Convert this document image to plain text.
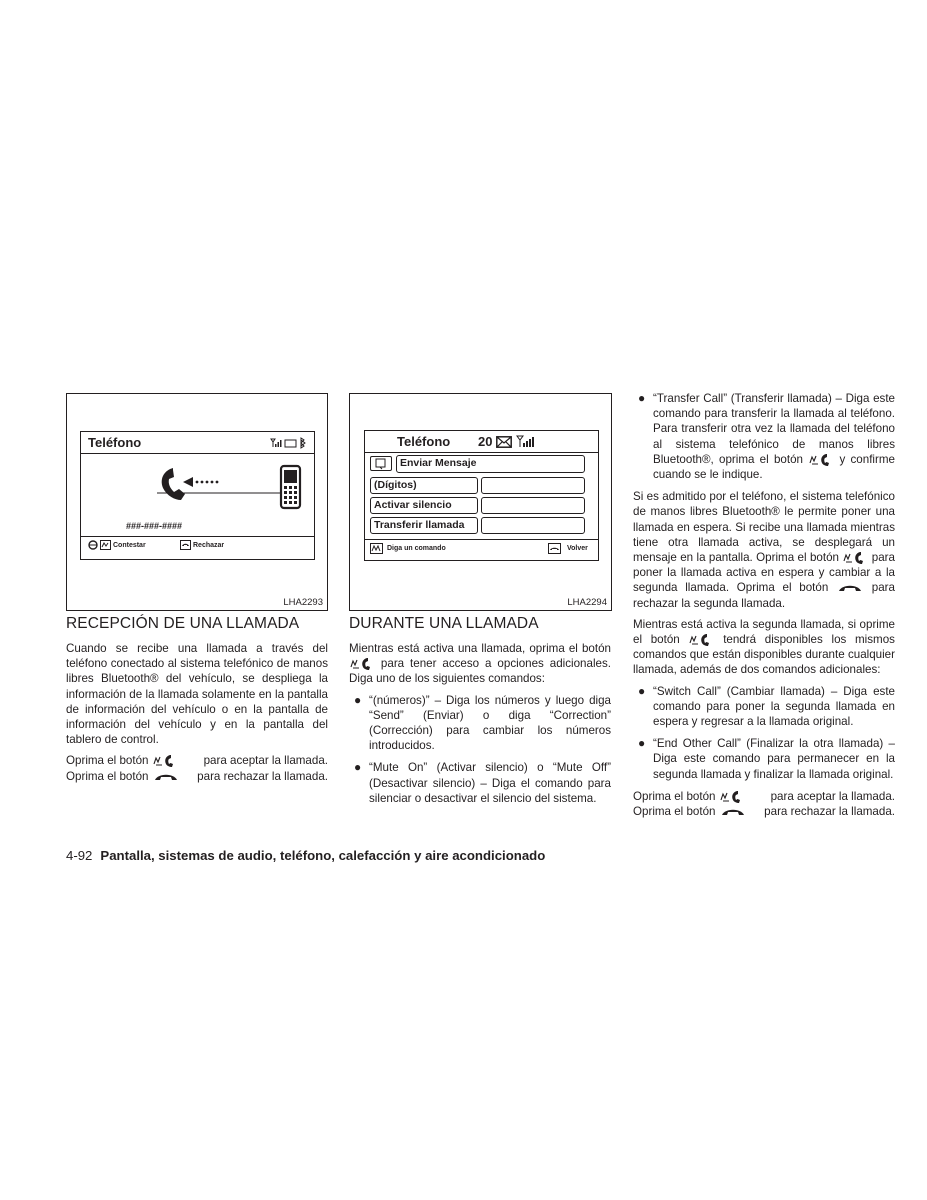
Teléfono
###-###-####
Contestar	Rechazar
LHA2293
Teléfono 20
Enviar Mensaje
(Dígitos)
Activar silencio
Transferir llamada
Diga un comando	Volver
LHA2294
RECEPCIÓN DE UNA LLAMADA

Cuando se recibe una llamada a través del teléfono conectado al sistema telefónico de manos libres Bluetooth® del vehículo, se despliega la información de la llamada solamente en la pantalla de información del vehículo o en la pantalla de información del vehículo y en la pantalla del tablero de control.

Oprima el botón	para aceptar la llamada.
Oprima el botón	para rechazar la llamada.
DURANTE UNA LLAMADA

Mientras está activa una llamada, oprima el botón  para tener acceso a opciones adicionales. Diga uno de los siguientes comandos:

● “(números)” – Diga los números y luego diga “Send” (Enviar) o diga “Correction” (Corrección) para cambiar los números introducidos.
● “Mute On” (Activar silencio) o “Mute Off” (Desactivar silencio) – Diga el comando para silenciar o desactivar el silencio del sistema.
● “Transfer Call” (Transferir llamada) – Diga este comando para transferir la llamada al teléfono. Para transferir otra vez la llamada del teléfono al sistema telefónico de manos libres Bluetooth®, oprima el botón	y confirme cuando se le indique.

Si es admitido por el teléfono, el sistema telefónico de manos libres Bluetooth® le permite poner una llamada en espera. Si recibe una llamada mientras tiene otra llamada activa, se desplegará un mensaje en la pantalla. Oprima el botón	para poner la llamada activa en espera y cambiar a la segunda llamada. Oprima el botón	para rechazar la segunda llamada.

Mientras está activa la segunda llamada, si oprime el botón	tendrá disponibles los mismos comandos que están disponibles durante cualquier llamada, además de dos comandos adicionales:

● “Switch Call” (Cambiar llamada) – Diga este comando para poner la segunda llamada en espera y regresar a la llamada original.
● “End Other Call” (Finalizar la otra llamada) – Diga este comando para permanecer en la segunda llamada y finalizar la llamada original.
Oprima el botón	para aceptar la llamada.
Oprima el botón	para rechazar la llamada.
4-92 Pantalla, sistemas de audio, teléfono, calefacción y aire acondicionado
